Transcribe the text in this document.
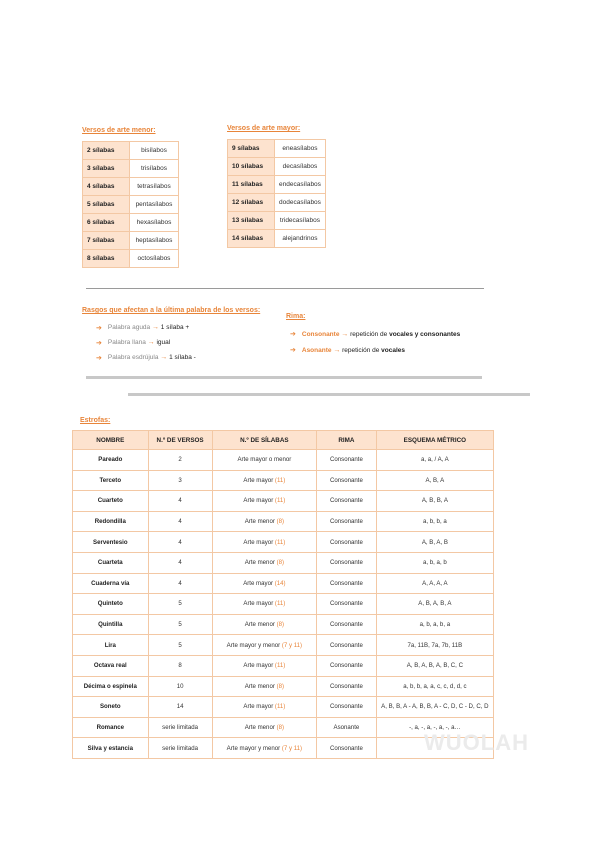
Versos de arte menor:
2 sílabas	bisílabos
3 sílabas	trisílabos
4 sílabas	tetrasílabos
5 sílabas	pentasílabos
6 sílabas	hexasílabos
7 sílabas	heptasílabos
8 sílabas	octosílabos
Versos de arte mayor:
9 sílabas	eneasílabos
10 sílabas	decasílabos
11 sílabas	endecasílabos
12 sílabas	dodecasílabos
13 sílabas	tridecasílabos
14 sílabas	alejandrinos
Rasgos que afectan a la última palabra de los versos:
➔ Palabra aguda → 1 sílaba +
➔ Palabra llana → igual
➔ Palabra esdrújula → 1 sílaba -
Rima:
➔ Consonante → repetición de vocales y consonantes
➔ Asonante → repetición de vocales
Estrofas:
NOMBRE	N.º DE VERSOS	N.º DE SÍLABAS	RIMA	ESQUEMA MÉTRICO
Pareado	2	Arte mayor o menor	Consonante	a, a, / A, A
Terceto	3	Arte mayor (11)	Consonante	A, B, A
Cuarteto	4	Arte mayor (11)	Consonante	A, B, B, A
Redondilla	4	Arte menor (8)	Consonante	a, b, b, a
Serventesio	4	Arte mayor (11)	Consonante	A, B, A, B
Cuarteta	4	Arte menor (8)	Consonante	a, b, a, b
Cuaderna vía	4	Arte mayor (14)	Consonante	A, A, A, A
Quinteto	5	Arte mayor (11)	Consonante	A, B, A, B, A
Quintilla	5	Arte menor (8)	Consonante	a, b, a, b, a
Lira	5	Arte mayor y menor (7 y 11)	Consonante	7a, 11B, 7a, 7b, 11B
Octava real	8	Arte mayor (11)	Consonante	A, B, A, B, A, B, C, C
Décima o espinela	10	Arte menor (8)	Consonante	a, b, b, a, a, c, c, d, d, c
Soneto	14	Arte mayor (11)	Consonante	A, B, B, A - A, B, B, A - C, D, C - D, C, D
Romance	serie limitada	Arte menor (8)	Asonante	-, a, -, a, -, a, -, a…
Silva y estancia	serie limitada	Arte mayor y menor (7 y 11)	Consonante		WUOLAH
